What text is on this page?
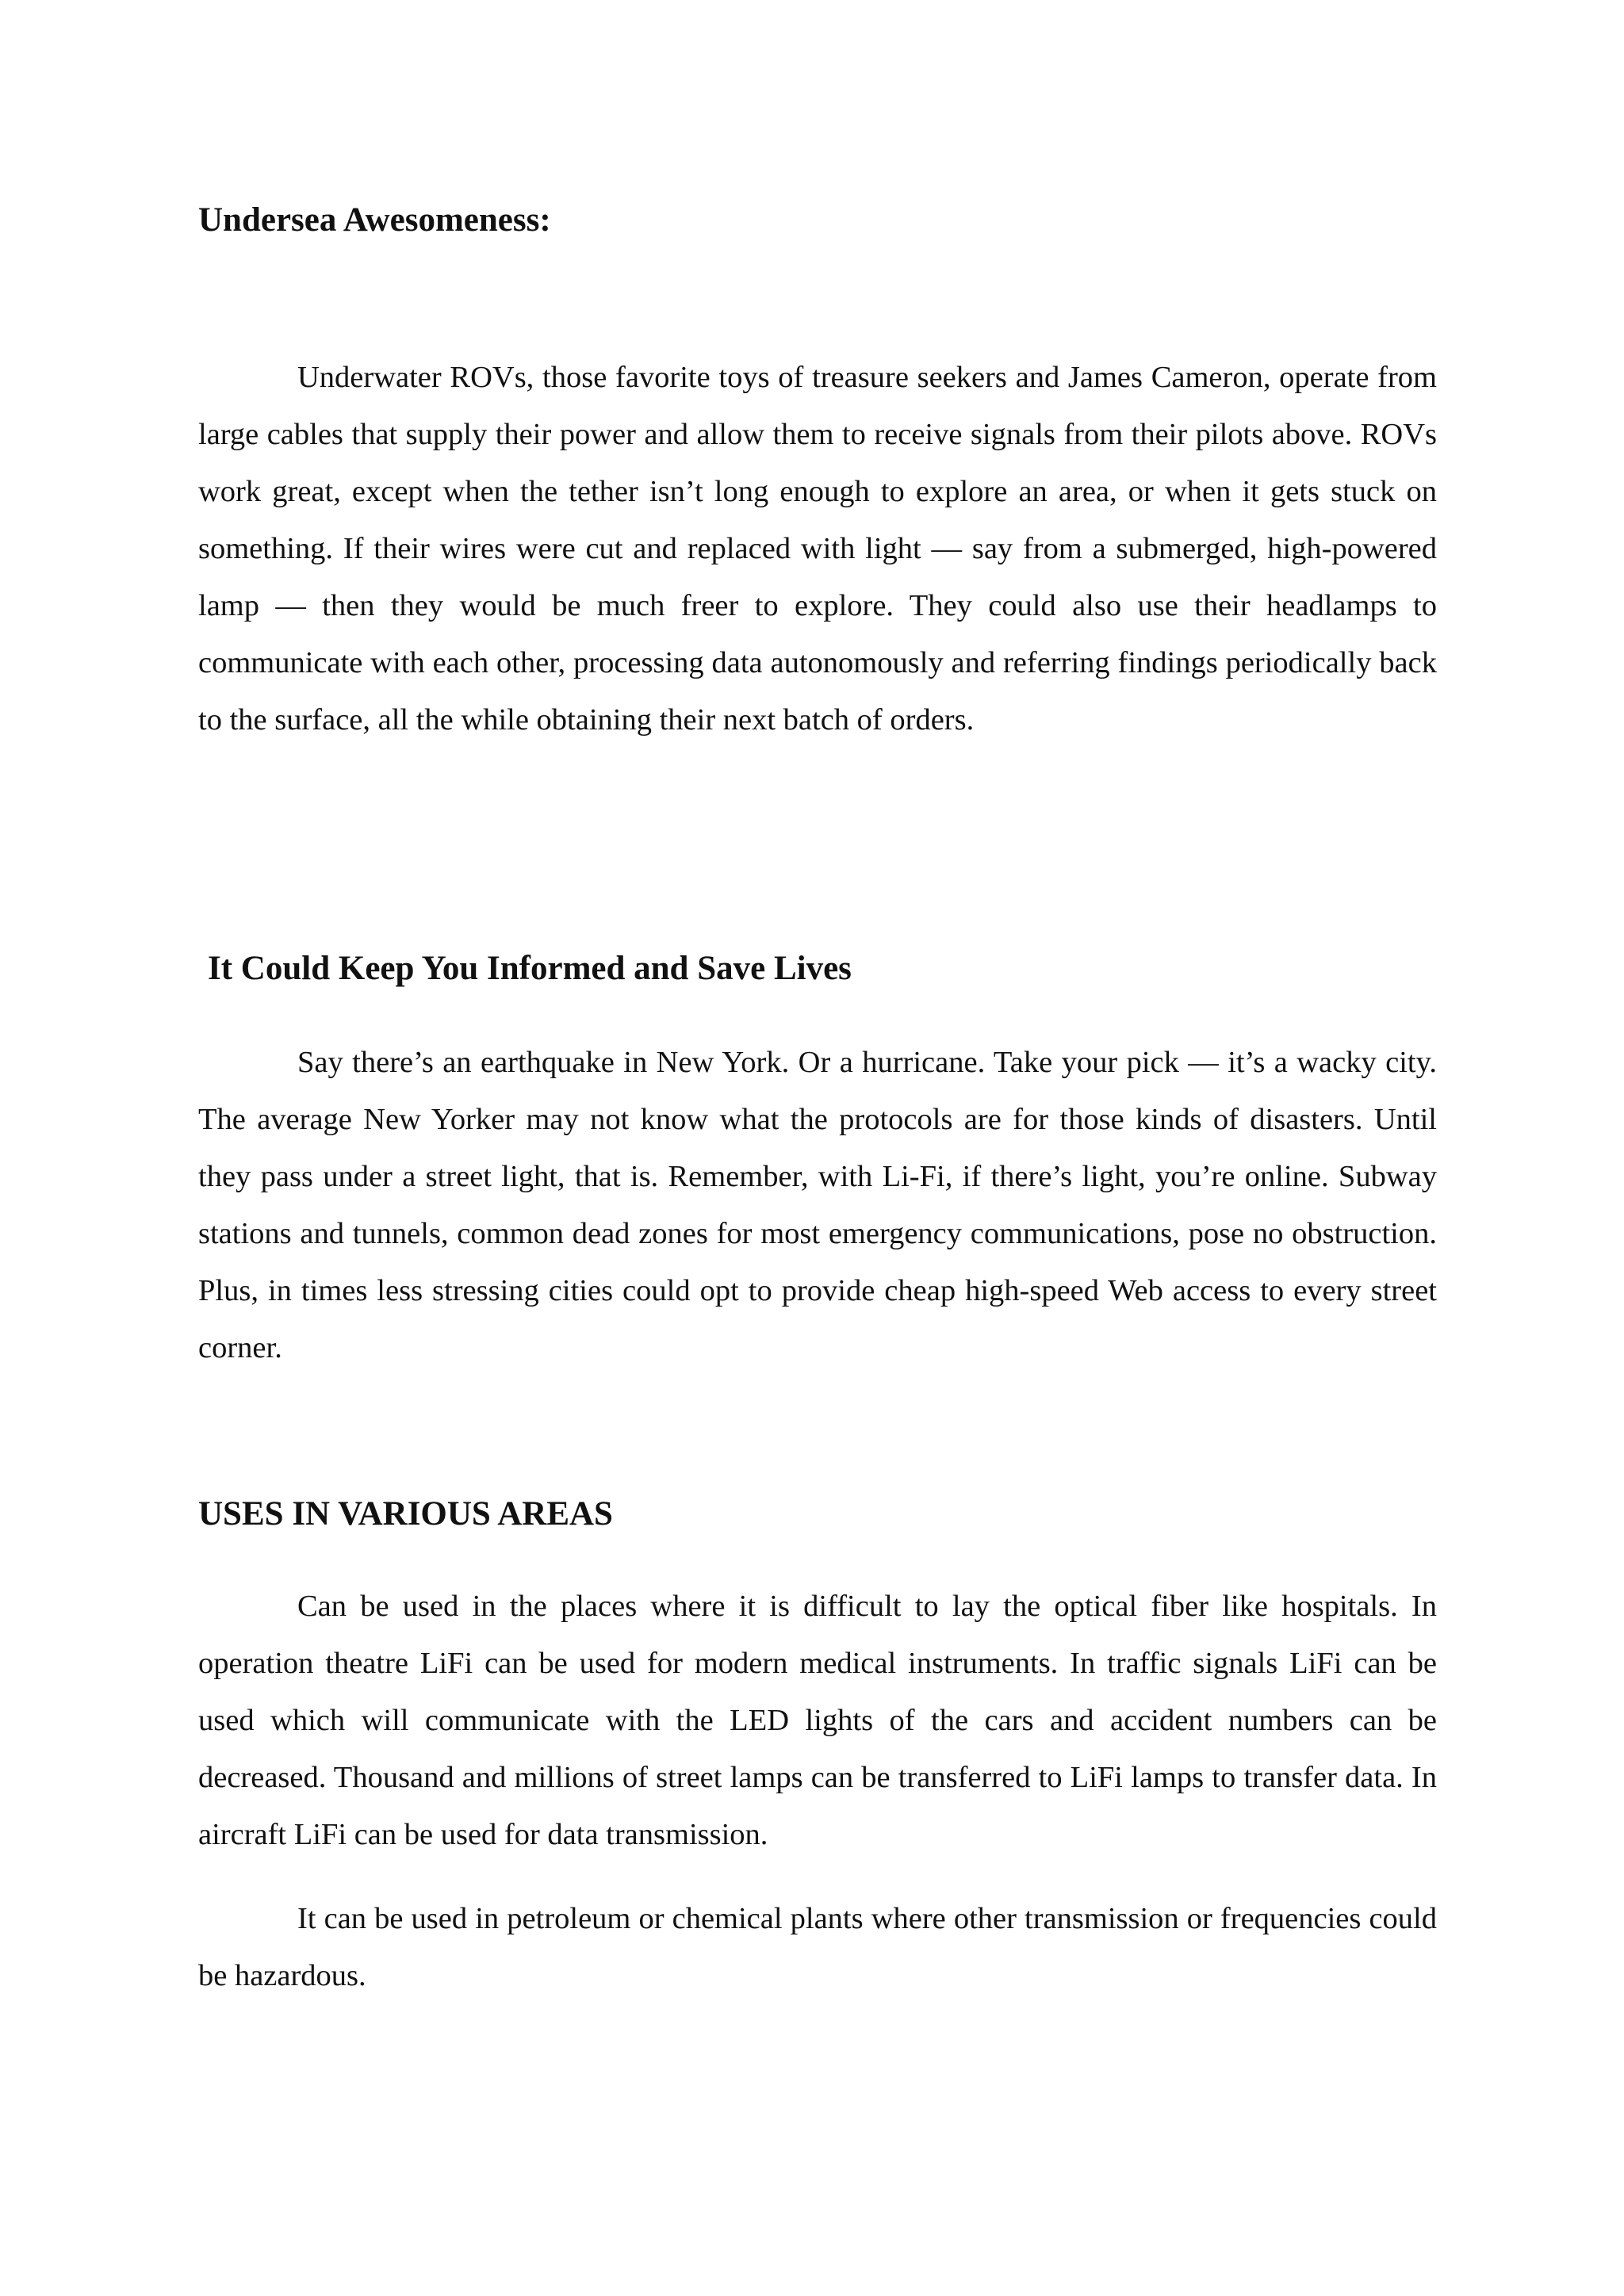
Undersea Awesomeness:

Underwater ROVs, those favorite toys of treasure seekers and James Cameron, operate from large cables that supply their power and allow them to receive signals from their pilots above. ROVs work great, except when the tether isn’t long enough to explore an area, or when it gets stuck on something. If their wires were cut and replaced with light — say from a submerged, high-powered lamp — then they would be much freer to explore. They could also use their headlamps to communicate with each other, processing data autonomously and referring findings periodically back to the surface, all the while obtaining their next batch of orders.

It Could Keep You Informed and Save Lives

Say there’s an earthquake in New York. Or a hurricane. Take your pick — it’s a wacky city. The average New Yorker may not know what the protocols are for those kinds of disasters. Until they pass under a street light, that is. Remember, with Li-Fi, if there’s light, you’re online. Subway stations and tunnels, common dead zones for most emergency communications, pose no obstruction. Plus, in times less stressing cities could opt to provide cheap high-speed Web access to every street corner.

USES IN VARIOUS AREAS

Can be used in the places where it is difficult to lay the optical fiber like hospitals. In operation theatre LiFi can be used for modern medical instruments. In traffic signals LiFi can be used which will communicate with the LED lights of the cars and accident numbers can be decreased. Thousand and millions of street lamps can be transferred to LiFi lamps to transfer data. In aircraft LiFi can be used for data transmission.

It can be used in petroleum or chemical plants where other transmission or frequencies could be hazardous.
